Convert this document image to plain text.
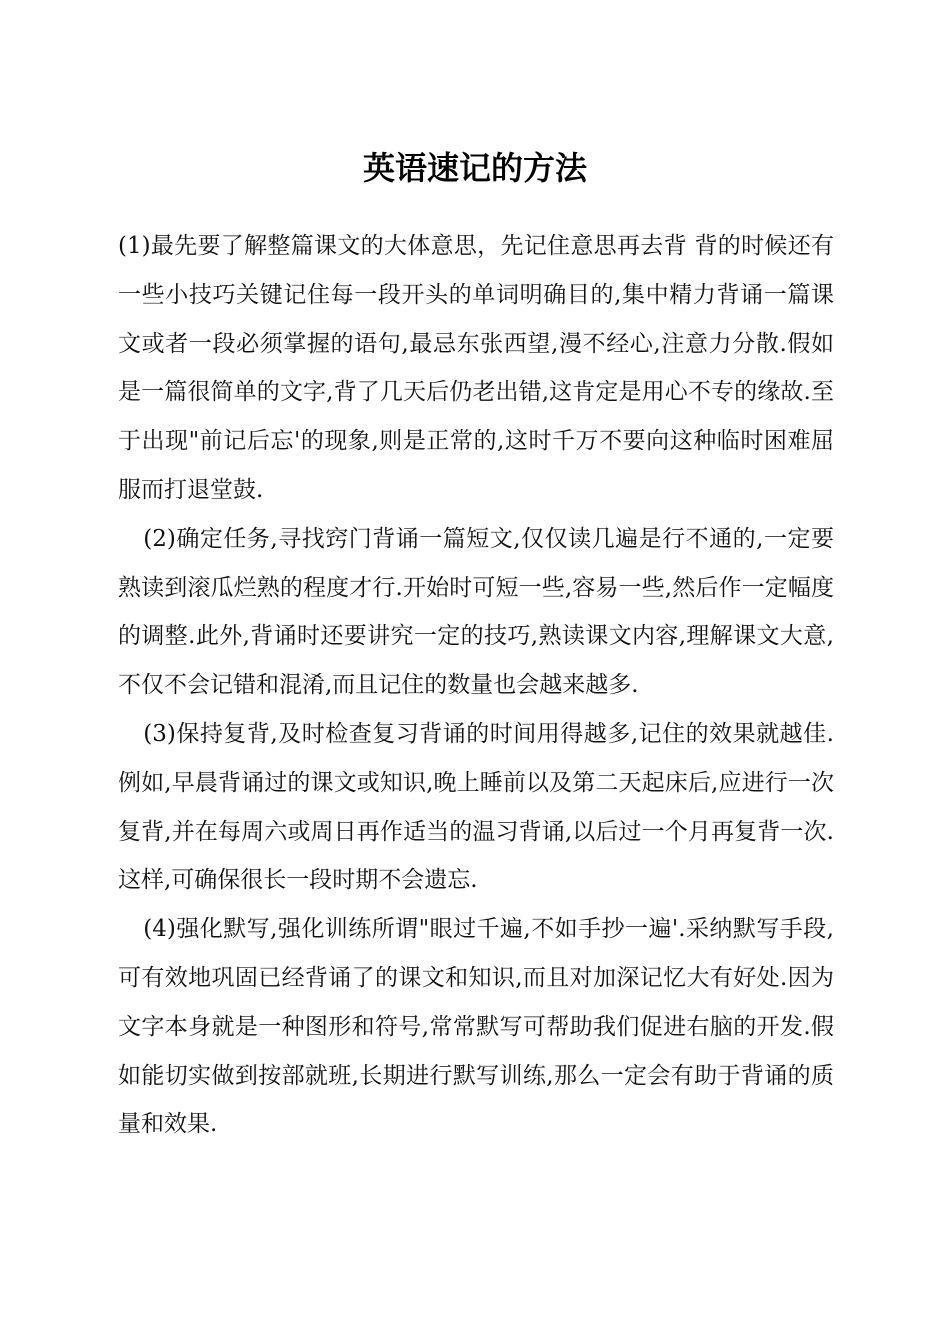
英语速记的方法

(1)最先要了解整篇课文的大体意思，先记住意思再去背 背的时候还有一些小技巧关键记住每一段开头的单词明确目的,集中精力背诵一篇课文或者一段必须掌握的语句,最忌东张西望,漫不经心,注意力分散.假如是一篇很简单的文字,背了几天后仍老出错,这肯定是用心不专的缘故.至于出现"前记后忘'的现象,则是正常的,这时千万不要向这种临时困难屈服而打退堂鼓.

(2)确定任务,寻找窍门背诵一篇短文,仅仅读几遍是行不通的,一定要熟读到滚瓜烂熟的程度才行.开始时可短一些,容易一些,然后作一定幅度的调整.此外,背诵时还要讲究一定的技巧,熟读课文内容,理解课文大意,不仅不会记错和混淆,而且记住的数量也会越来越多.

(3)保持复背,及时检查复习背诵的时间用得越多,记住的效果就越佳.例如,早晨背诵过的课文或知识,晚上睡前以及第二天起床后,应进行一次复背,并在每周六或周日再作适当的温习背诵,以后过一个月再复背一次.这样,可确保很长一段时期不会遗忘.

(4)强化默写,强化训练所谓"眼过千遍,不如手抄一遍'.采纳默写手段,可有效地巩固已经背诵了的课文和知识,而且对加深记忆大有好处.因为文字本身就是一种图形和符号,常常默写可帮助我们促进右脑的开发.假如能切实做到按部就班,长期进行默写训练,那么一定会有助于背诵的质量和效果.
